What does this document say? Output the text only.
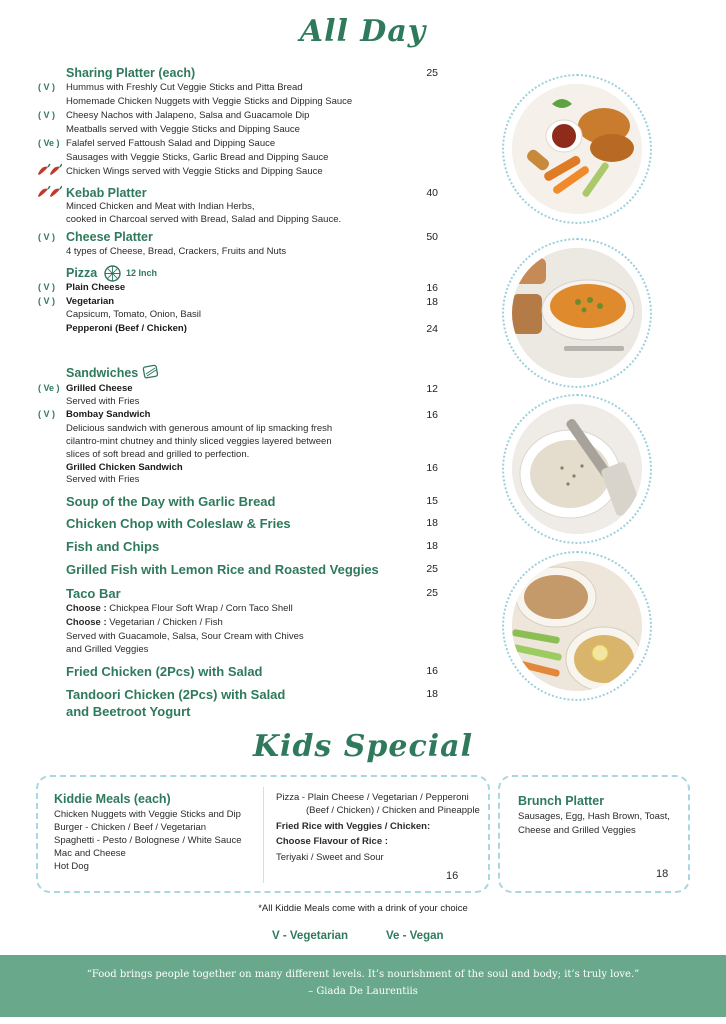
All Day
Sharing Platter (each)	25
( V )	Hummus with Freshly Cut Veggie Sticks and Pitta Bread
Homemade Chicken Nuggets with Veggie Sticks and Dipping Sauce
( V )	Cheesy Nachos with Jalapeno, Salsa and Guacamole Dip
Meatballs served with Veggie Sticks and Dipping Sauce
( Ve ) Falafel served Fattoush Salad and Dipping Sauce
Sausages with Veggie Sticks, Garlic Bread and Dipping Sauce
Chicken Wings served with Veggie Sticks and Dipping Sauce
Kebab Platter	40
Minced Chicken and Meat with Indian Herbs,
cooked in Charcoal served with Bread, Salad and Dipping Sauce.
( V ) Cheese Platter	50
4 types of Cheese, Bread, Crackers, Fruits and Nuts
Pizza	12 Inch
( V )	Plain Cheese	16
( V )	Vegetarian	18
Capsicum, Tomato, Onion, Basil
Pepperoni (Beef / Chicken)	24
Sandwiches
( Ve ) Grilled Cheese	12
Served with Fries
( V )	Bombay Sandwich	16
Delicious sandwich with generous amount of lip smacking fresh
cilantro-mint chutney and thinly sliced veggies layered between
slices of soft bread and grilled to perfection.
Grilled Chicken Sandwich	16
Served with Fries
Soup of the Day with Garlic Bread	15
Chicken Chop with Coleslaw & Fries	18
Fish and Chips	18
Grilled Fish with Lemon Rice and Roasted Veggies	25
Taco Bar	25
Choose : Chickpea Flour Soft Wrap / Corn Taco Shell
Choose : Vegetarian / Chicken / Fish
Served with Guacamole, Salsa, Sour Cream with Chives
and Grilled Veggies
Fried Chicken (2Pcs) with Salad	16
Tandoori Chicken (2Pcs) with Salad
and Beetroot Yogurt
18
Kids Special
Kiddie Meals (each)
Chicken Nuggets with Veggie Sticks and Dip
Burger - Chicken / Beef / Vegetarian
Spaghetti - Pesto / Bolognese / White Sauce
Mac and Cheese
Hot Dog
Pizza - Plain Cheese / Vegetarian / Pepperoni
(Beef / Chicken) / Chicken and Pineapple
Fried Rice with Veggies / Chicken:
Choose Flavour of Rice :
Teriyaki / Sweet and Sour
16
Brunch Platter
Sausages, Egg, Hash Brown, Toast,
Cheese and Grilled Veggies
18
*All Kiddie Meals come with a drink of your choice
V - Vegetarian	Ve - Vegan
“Food brings people together on many different levels. It’s nourishment of the soul and body; it’s truly love.”
– Giada De Laurentiis
